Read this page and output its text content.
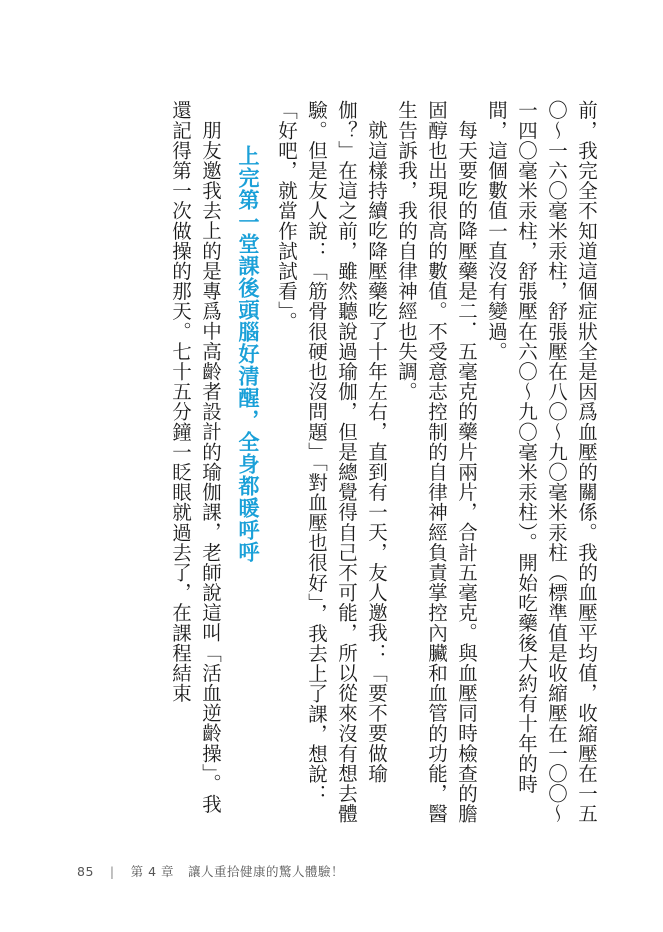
前，我完全不知道這個症狀全是因爲血壓的關係。我的血壓平均值，收縮壓在一五〇～一六〇毫米汞柱，舒張壓在八〇～九〇毫米汞柱（標準值是收縮壓在一〇〇～一四〇毫米汞柱，舒張壓在六〇～九〇毫米汞柱）。開始吃藥後大約有十年的時間，這個數值一直沒有變過。

每天要吃的降壓藥是二．五毫克的藥片兩片，合計五毫克。與血壓同時檢查的膽固醇也出現很高的數值。不受意志控制的自律神經負責掌控內臟和血管的功能，醫生告訴我，我的自律神經也失調。

就這樣持續吃降壓藥吃了十年左右，直到有一天，友人邀我：「要不要做瑜伽？」在這之前，雖然聽說過瑜伽，但是總覺得自己不可能，所以從來沒有想去體驗。但是友人說：「筋骨很硬也沒問題」「對血壓也很好」，我去上了課，想說：「好吧，就當作試試看」。

上完第一堂課後頭腦好清醒，全身都暖呼呼

朋友邀我去上的是專爲中高齡者設計的瑜伽課，老師說這叫「活血逆齡操」。我還記得第一次做操的那天。七十五分鐘一眨眼就過去了，在課程結束

85 | 第 4 章 讓人重拾健康的驚人體驗！
